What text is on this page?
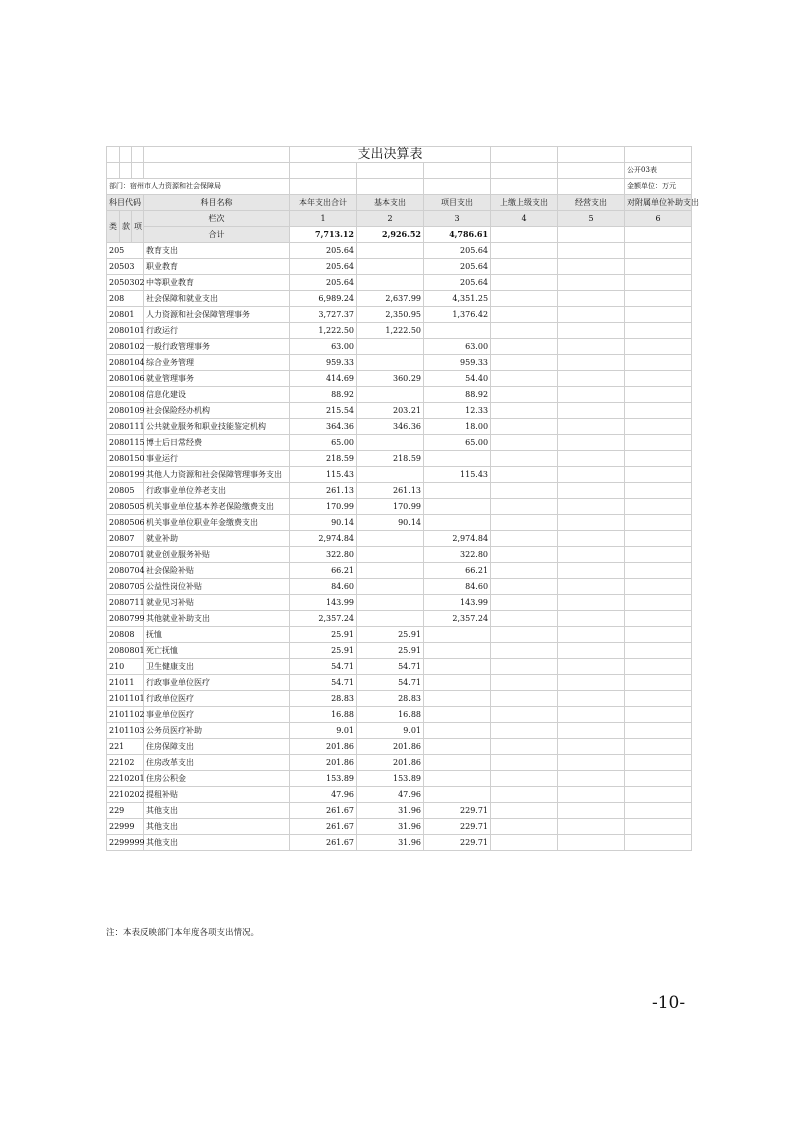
				支出决算表					
									公开03表
部门：宿州市人力资源和社会保障局									金额单位：万元
科目代码			科目名称	本年支出合计	基本支出	项目支出	上缴上级支出	经营支出	对附属单位补助支出
类	款	项	栏次	1	2	3	4	5	6
			合计	7,713.12	2,926.52	4,786.61			
205			教育支出	205.64		205.64			
20503			职业教育	205.64		205.64			
2050302			中等职业教育	205.64		205.64			
208			社会保障和就业支出	6,989.24	2,637.99	4,351.25			
20801			人力资源和社会保障管理事务	3,727.37	2,350.95	1,376.42			
2080101			行政运行	1,222.50	1,222.50				
2080102			一般行政管理事务	63.00		63.00			
2080104			综合业务管理	959.33		959.33			
2080106			就业管理事务	414.69	360.29	54.40			
2080108			信息化建设	88.92		88.92			
2080109			社会保险经办机构	215.54	203.21	12.33			
2080111			公共就业服务和职业技能鉴定机构	364.36	346.36	18.00			
2080115			博士后日常经费	65.00		65.00			
2080150			事业运行	218.59	218.59				
2080199			其他人力资源和社会保障管理事务支出	115.43		115.43			
20805			行政事业单位养老支出	261.13	261.13				
2080505			机关事业单位基本养老保险缴费支出	170.99	170.99				
2080506			机关事业单位职业年金缴费支出	90.14	90.14				
20807			就业补助	2,974.84		2,974.84			
2080701			就业创业服务补贴	322.80		322.80			
2080704			社会保险补贴	66.21		66.21			
2080705			公益性岗位补贴	84.60		84.60			
2080711			就业见习补贴	143.99		143.99			
2080799			其他就业补助支出	2,357.24		2,357.24			
20808			抚恤	25.91	25.91				
2080801			死亡抚恤	25.91	25.91				
210			卫生健康支出	54.71	54.71				
21011			行政事业单位医疗	54.71	54.71				
2101101			行政单位医疗	28.83	28.83				
2101102			事业单位医疗	16.88	16.88				
2101103			公务员医疗补助	9.01	9.01				
221			住房保障支出	201.86	201.86				
22102			住房改革支出	201.86	201.86				
2210201			住房公积金	153.89	153.89				
2210202			提租补贴	47.96	47.96				
229			其他支出	261.67	31.96	229.71			
22999			其他支出	261.67	31.96	229.71			
2299999			其他支出	261.67	31.96	229.71			
注：本表反映部门本年度各项支出情况。
-10-
